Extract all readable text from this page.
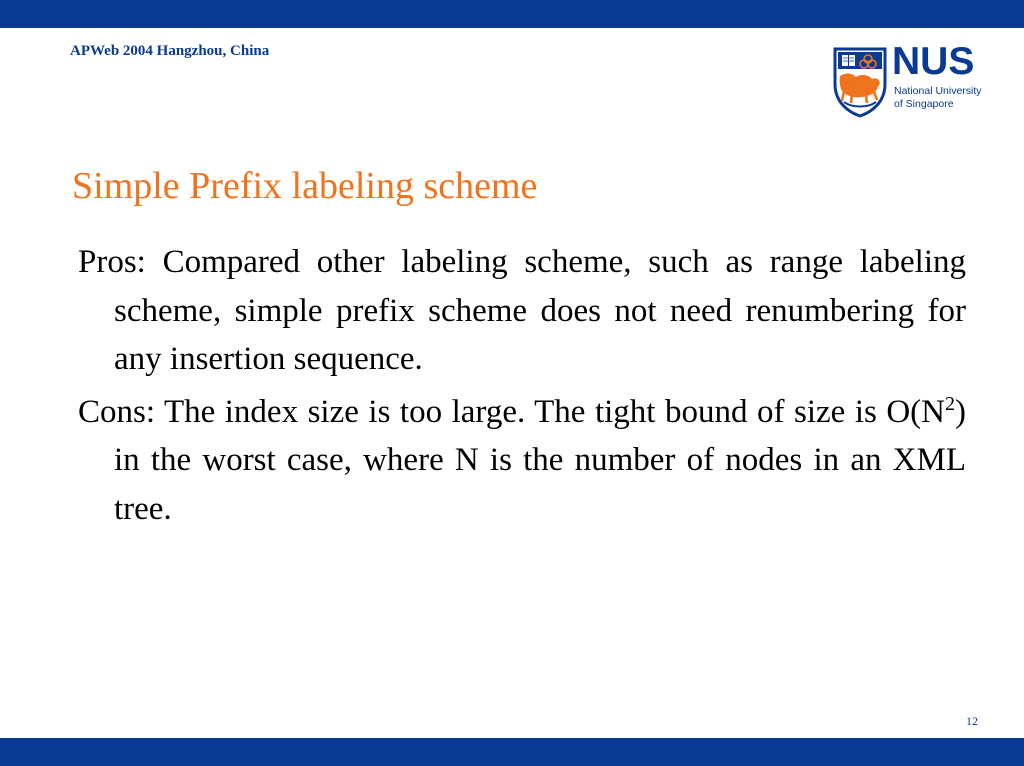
APWeb 2004 Hangzhou, China	NUS
National University
of Singapore
Simple Prefix labeling scheme

Pros: Compared other labeling scheme, such as range labeling scheme, simple prefix scheme does not need renumbering for any insertion sequence.

Cons: The index size is too large. The tight bound of size is $O(N^2)$ in the worst case, where N is the number of nodes in an XML tree.

12
